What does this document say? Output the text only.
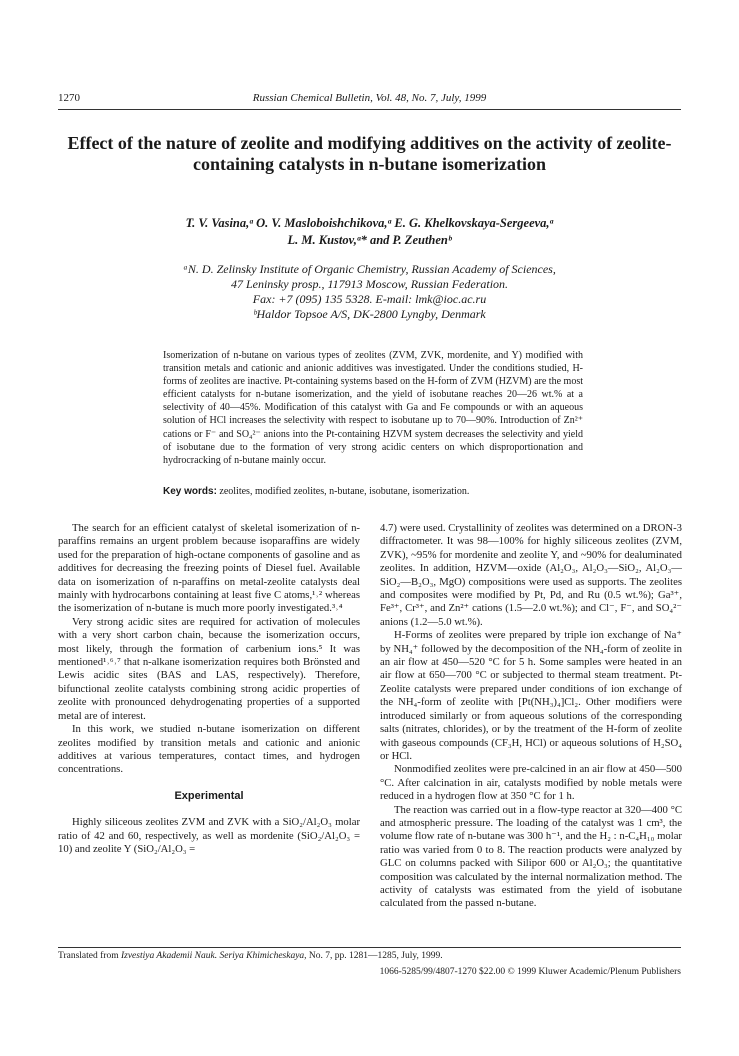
1270	Russian Chemical Bulletin, Vol. 48, No. 7, July, 1999
Effect of the nature of zeolite and modifying additives on the activity of zeolite-containing catalysts in n-butane isomerization
T. V. Vasina,ᵃ O. V. Masloboishchikova,ᵃ E. G. Khelkovskaya-Sergeeva,ᵃ
L. M. Kustov,ᵃ* and P. Zeuthenᵇ
ᵃN. D. Zelinsky Institute of Organic Chemistry, Russian Academy of Sciences,
47 Leninsky prosp., 117913 Moscow, Russian Federation.
Fax: +7 (095) 135 5328. E-mail: lmk@ioc.ac.ru
ᵇHaldor Topsoe A/S, DK-2800 Lyngby, Denmark
Isomerization of n-butane on various types of zeolites (ZVM, ZVK, mordenite, and Y) modified with transition metals and cationic and anionic additives was investigated. Under the conditions studied, H-forms of zeolites are inactive. Pt-containing systems based on the H-form of ZVM (HZVM) are the most efficient catalysts for n-butane isomerization, and the yield of isobutane reaches 20—26 wt.% at a selectivity of 40—45%. Modification of this catalyst with Ga and Fe compounds or with an aqueous solution of HCl increases the selectivity with respect to isobutane up to 70—90%. Introduction of Zn²⁺ cations or F⁻ and SO₄²⁻ anions into the Pt-containing HZVM system decreases the selectivity and yield of isobutane due to the formation of very strong acidic centers on which disproportionation and hydrocracking of n-butane mainly occur.
Key words: zeolites, modified zeolites, n-butane, isobutane, isomerization.

The search for an efficient catalyst of skeletal isomerization of n-paraffins remains an urgent problem because isoparaffins are widely used for the preparation of high-octane components of gasoline and as additives for decreasing the freezing points of Diesel fuel. Available data on isomerization of n-paraffins on metal-zeolite catalysts deal mainly with hydrocarbons containing at least five C atoms,¹˒² whereas the isomerization of n-butane is much more poorly investigated.³˒⁴

Very strong acidic sites are required for activation of molecules with a very short carbon chain, because the isomerization occurs, most likely, through the formation of carbenium ions.⁵ It was mentioned¹˒⁶˒⁷ that n-alkane isomerization requires both Brönsted and Lewis acidic sites (BAS and LAS, respectively). Therefore, bifunctional zeolite catalysts combining strong acidic properties of zeolite with pronounced dehydrogenating properties of a supported metal are of interest.

In this work, we studied n-butane isomerization on different zeolites modified by transition metals and cationic and anionic additives at various temperatures, contact times, and hydrogen concentrations.

Experimental

Highly siliceous zeolites ZVM and ZVK with a SiO₂/Al₂O₃ molar ratio of 42 and 60, respectively, as well as mordenite (SiO₂/Al₂O₃ = 10) and zeolite Y (SiO₂/Al₂O₃ =

4.7) were used. Crystallinity of zeolites was determined on a DRON-3 diffractometer. It was 98—100% for highly siliceous zeolites (ZVM, ZVK), ~95% for mordenite and zeolite Y, and ~90% for dealuminated zeolites. In addition, HZVM—oxide (Al₂O₃, Al₂O₃—SiO₂, Al₂O₃—SiO₂—B₂O₃, MgO) compositions were used as supports. The zeolites and composites were modified by Pt, Pd, and Ru (0.5 wt.%); Ga³⁺, Fe³⁺, Cr³⁺, and Zn²⁺ cations (1.5—2.0 wt.%); and Cl⁻, F⁻, and SO₄²⁻ anions (1.2—5.0 wt.%).

H-Forms of zeolites were prepared by triple ion exchange of Na⁺ by NH₄⁺ followed by the decomposition of the NH₄-form of zeolite in an air flow at 450—520 °C for 5 h. Some samples were heated in an air flow at 650—700 °C or subjected to thermal steam treatment. Pt-Zeolite catalysts were prepared under conditions of ion exchange of the NH₄-form of zeolite with [Pt(NH₃)₄]Cl₂. Other modifiers were introduced similarly or from aqueous solutions of the corresponding salts (nitrates, chlorides), or by the treatment of the H-form of zeolite with gaseous compounds (CF₃H, HCl) or aqueous solutions of H₂SO₄ or HCl.

Nonmodified zeolites were pre-calcined in an air flow at 450—500 °C. After calcination in air, catalysts modified by noble metals were reduced in a hydrogen flow at 350 °C for 1 h.

The reaction was carried out in a flow-type reactor at 320—400 °C and atmospheric pressure. The loading of the catalyst was 1 cm³, the volume flow rate of n-butane was 300 h⁻¹, and the H₂ : n-C₄H₁₀ molar ratio was varied from 0 to 8. The reaction products were analyzed by GLC on columns packed with Silipor 600 or Al₂O₃; the quantitative composition was calculated by the internal normalization method. The activity of catalysts was estimated from the yield of isobutane calculated from the passed n-butane.

Translated from Izvestiya Akademii Nauk. Seriya Khimicheskaya, No. 7, pp. 1281—1285, July, 1999.
1066-5285/99/4807-1270 $22.00 © 1999 Kluwer Academic/Plenum Publishers
